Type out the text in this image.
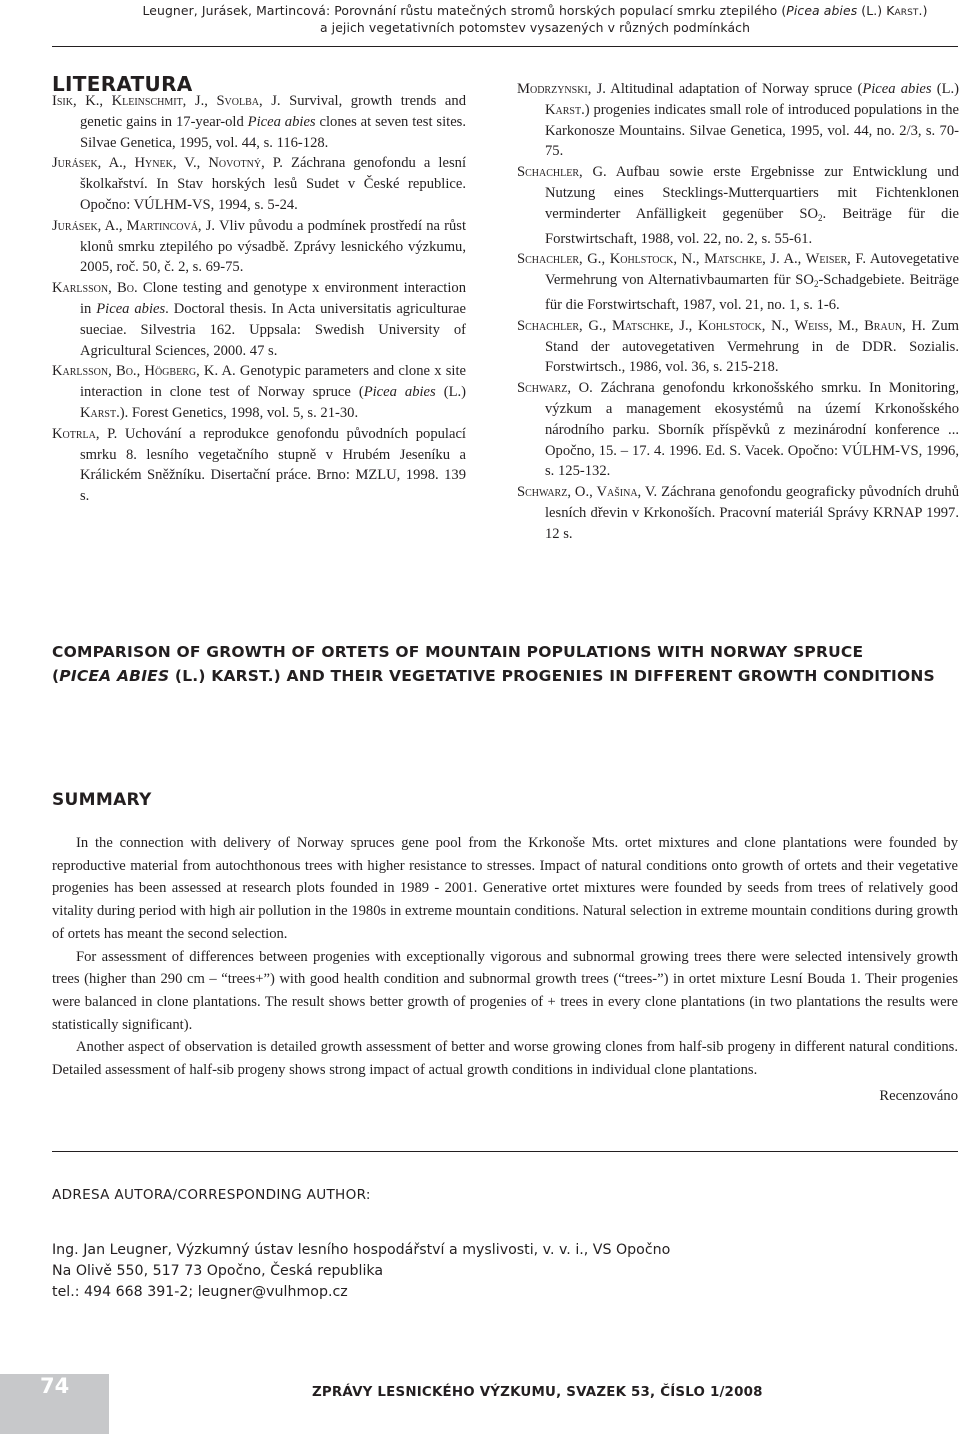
Leugner, Jurásek, Martincová: Porovnání růstu matečných stromů horských populací smrku ztepilého (Picea abies (L.) Karst.)
a jejich vegetativních potomstev vysazených v různých podmínkách
LITERATURA
Isik, K., Kleinschmit, J., Svolba, J. Survival, growth trends and genetic gains in 17-year-old Picea abies clones at seven test sites. Silvae Genetica, 1995, vol. 44, s. 116-128.
Jurásek, A., Hynek, V., Novotný, P. Záchrana genofondu a lesní školkařství. In Stav horských lesů Sudet v České republice. Opočno: VÚLHM-VS, 1994, s. 5-24.
Jurásek, A., Martincová, J. Vliv původu a podmínek prostředí na růst klonů smrku ztepilého po výsadbě. Zprávy lesnického výzkumu, 2005, roč. 50, č. 2, s. 69-75.
Karlsson, Bo. Clone testing and genotype x environment interaction in Picea abies. Doctoral thesis. In Acta universitatis agriculturae sueciae. Silvestria 162. Uppsala: Swedish University of Agricultural Sciences, 2000. 47 s.
Karlsson, Bo., Högberg, K. A. Genotypic parameters and clone x site interaction in clone test of Norway spruce (Picea abies (L.) Karst.). Forest Genetics, 1998, vol. 5, s. 21-30.
Kotrla, P. Uchování a reprodukce genofondu původních populací smrku 8. lesního vegetačního stupně v Hrubém Jeseníku a Králickém Sněžníku. Disertační práce. Brno: MZLU, 1998. 139 s.
Modrzynski, J. Altitudinal adaptation of Norway spruce (Picea abies (L.) Karst.) progenies indicates small role of introduced populations in the Karkonosze Mountains. Silvae Genetica, 1995, vol. 44, no. 2/3, s. 70-75.
Schachler, G. Aufbau sowie erste Ergebnisse zur Entwicklung und Nutzung eines Stecklings-Mutterquartiers mit Fichtenklonen verminderter Anfälligkeit gegenüber $SO_2$. Beiträge für die Forstwirtschaft, 1988, vol. 22, no. 2, s. 55-61.
Schachler, G., Kohlstock, N., Matschke, J. A., Weiser, F. Autovegetative Vermehrung von Alternativbaumarten für $SO_2$-Schadgebiete. Beiträge für die Forstwirtschaft, 1987, vol. 21, no. 1, s. 1-6.
Schachler, G., Matschke, J., Kohlstock, N., Weiss, M., Braun, H. Zum Stand der autovegetativen Vermehrung in de DDR. Sozialis. Forstwirtsch., 1986, vol. 36, s. 215-218.
Schwarz, O. Záchrana genofondu krkonošského smrku. In Monitoring, výzkum a management ekosystémů na území Krkonošského národního parku. Sborník příspěvků z mezinárodní konference ... Opočno, 15. – 17. 4. 1996. Ed. S. Vacek. Opočno: VÚLHM-VS, 1996, s. 125-132.
Schwarz, O., Vašina, V. Záchrana genofondu geograficky původních druhů lesních dřevin v Krkonoších. Pracovní materiál Správy KRNAP 1997. 12 s.
COMPARISON OF GROWTH OF ORTETS OF MOUNTAIN POPULATIONS WITH NORWAY SPRUCE
(PICEA ABIES (L.) KARST.) AND THEIR VEGETATIVE PROGENIES IN DIFFERENT GROWTH CONDITIONS
SUMMARY

In the connection with delivery of Norway spruces gene pool from the Krkonoše Mts. ortet mixtures and clone plantations were founded by reproductive material from autochthonous trees with higher resistance to stresses. Impact of natural conditions onto growth of ortets and their vegetative progenies has been assessed at research plots founded in 1989 - 2001. Generative ortet mixtures were founded by seeds from trees of relatively good vitality during period with high air pollution in the 1980s in extreme mountain conditions. Natural selection in extreme mountain conditions during growth of ortets has meant the second selection.

For assessment of differences between progenies with exceptionally vigorous and subnormal growing trees there were selected intensively growth trees (higher than 290 cm – “trees+”) with good health condition and subnormal growth trees (“trees-”) in ortet mixture Lesní Bouda 1. Their progenies were balanced in clone plantations. The result shows better growth of progenies of + trees in every clone plantations (in two plantations the results were statistically significant).

Another aspect of observation is detailed growth assessment of better and worse growing clones from half-sib progeny in different natural conditions. Detailed assessment of half-sib progeny shows strong impact of actual growth conditions in individual clone plantations.

Recenzováno
ADRESA AUTORA/CORRESPONDING AUTHOR:
Ing. Jan Leugner, Výzkumný ústav lesního hospodářství a myslivosti, v. v. i., VS Opočno
Na Olivě 550, 517 73 Opočno, Česká republika
tel.: 494 668 391-2; leugner@vulhmop.cz
74	ZPRÁVY LESNICKÉHO VÝZKUMU, SVAZEK 53, ČÍSLO 1/2008
